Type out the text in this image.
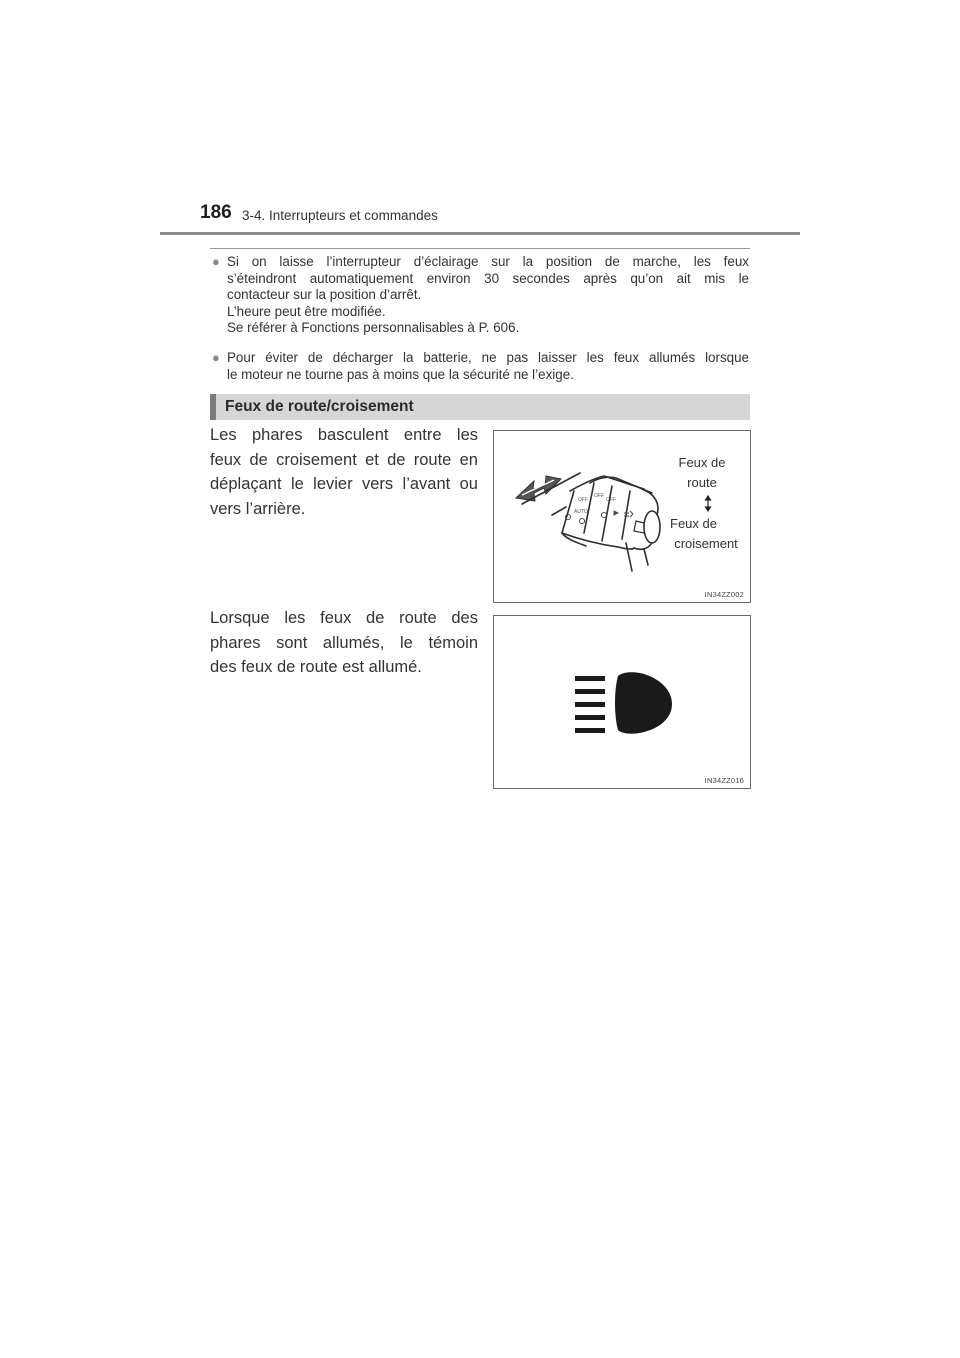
186 3-4. Interrupteurs et commandes
● Si on laisse l’interrupteur d’éclairage sur la position de marche, les feux
s’éteindront automatiquement environ 30 secondes après qu’on ait mis le
contacteur sur la position d’arrêt.
L’heure peut être modifiée.
Se référer à Fonctions personnalisables à P. 606.
● Pour éviter de décharger la batterie, ne pas laisser les feux allumés lorsque
le moteur ne tourne pas à moins que la sécurité ne l’exige.
Feux de route/croisement
Les phares basculent entre les
feux de croisement et de route en
déplaçant le levier vers l’avant ou
vers l’arrière.
Lorsque les feux de route des
phares sont allumés, le témoin
des feux de route est allumé.
OFF
OFF
OFF
AUTO
Feux de
route
Feux de
croisement
IN34ZZ002
IN34ZZ016
